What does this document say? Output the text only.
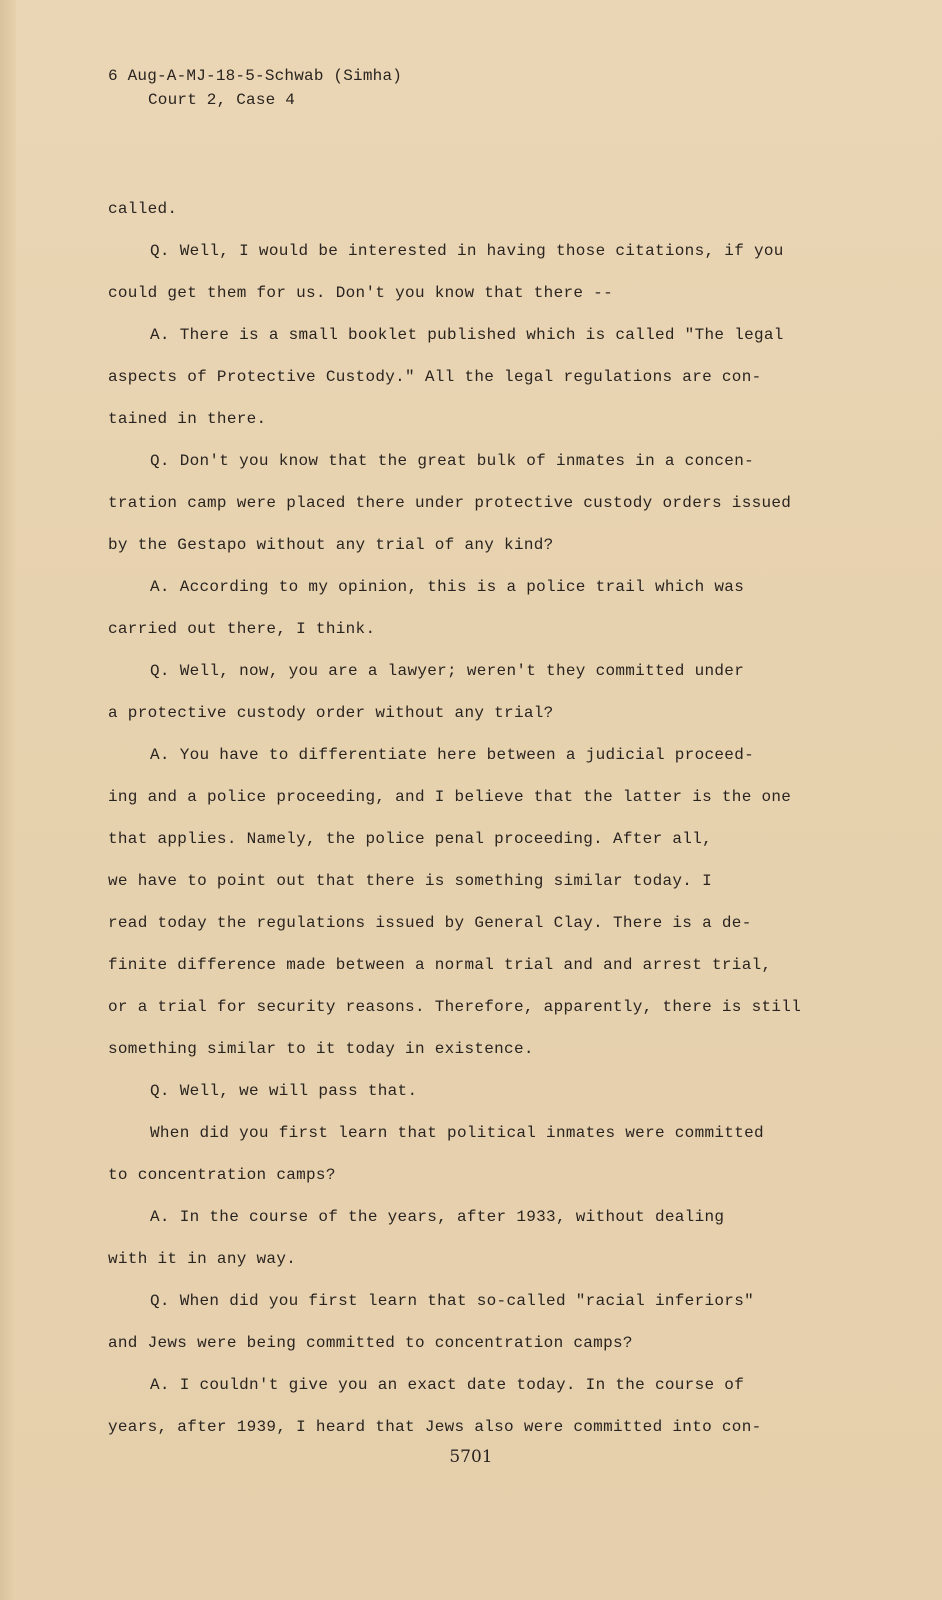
6 Aug-A-MJ-18-5-Schwab (Simha)
Court 2, Case 4
called.
Q. Well, I would be interested in having those citations, if you
could get them for us. Don't you know that there --
A. There is a small booklet published which is called "The legal
aspects of Protective Custody." All the legal regulations are con-
tained in there.
Q. Don't you know that the great bulk of inmates in a concen-
tration camp were placed there under protective custody orders issued
by the Gestapo without any trial of any kind?
A. According to my opinion, this is a police trail which was
carried out there, I think.
Q. Well, now, you are a lawyer; weren't they committed under
a protective custody order without any trial?
A. You have to differentiate here between a judicial proceed-
ing and a police proceeding, and I believe that the latter is the one
that applies. Namely, the police penal proceeding. After all,
we have to point out that there is something similar today. I
read today the regulations issued by General Clay. There is a de-
finite difference made between a normal trial and and arrest trial,
or a trial for security reasons. Therefore, apparently, there is still
something similar to it today in existence.
Q. Well, we will pass that.
When did you first learn that political inmates were committed
to concentration camps?
A. In the course of the years, after 1933, without dealing
with it in any way.
Q. When did you first learn that so-called "racial inferiors"
and Jews were being committed to concentration camps?
A. I couldn't give you an exact date today. In the course of
years, after 1939, I heard that Jews also were committed into con-
5701
